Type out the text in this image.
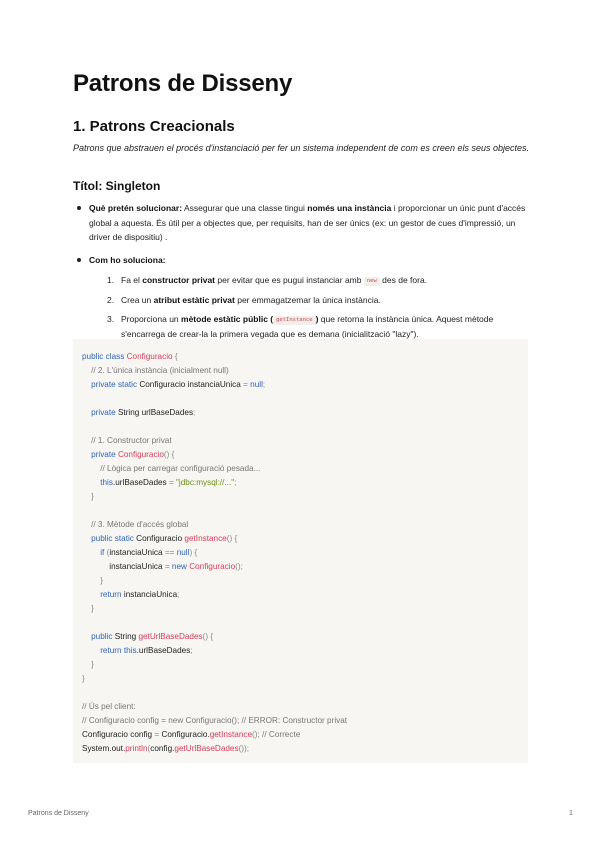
Patrons de Disseny
1. Patrons Creacionals

Patrons que abstrauen el procés d'instanciació per fer un sistema independent de com es creen els seus objectes.

Títol: Singleton
Què pretén solucionar: Assegurar que una classe tingui només una instància i proporcionar un únic punt d'accés global a aquesta. És útil per a objectes que, per requisits, han de ser únics (ex: un gestor de cues d'impressió, un driver de dispositiu) .
Com ho soluciona:
1. Fa el constructor privat per evitar que es pugui instanciar amb new des de fora.
2. Crea un atribut estàtic privat per emmagatzemar la única instància.
3. Proporciona un mètode estàtic públic ( getInstance ) que retorna la instància única. Aquest mètode s'encarrega de crear-la la primera vegada que es demana (inicialització "lazy").
public class Configuracio {
// 2. L'única instància (inicialment null)
private static Configuracio instanciaUnica = null;
private String urlBaseDades;
// 1. Constructor privat
private Configuracio() {
// Lògica per carregar configuració pesada...
this.urlBaseDades = "jdbc:mysql://...";
}
// 3. Mètode d'accés global
public static Configuracio getInstance() {
if (instanciaUnica == null) {
instanciaUnica = new Configuracio();
}
return instanciaUnica;
}
public String getUrlBaseDades() {
return this.urlBaseDades;
}
}
// Ús pel client:
// Configuracio config = new Configuracio(); // ERROR: Constructor privat
Configuracio config = Configuracio.getInstance(); // Correcte
System.out.println(config.getUrlBaseDades());
Patrons de Disseny	1
